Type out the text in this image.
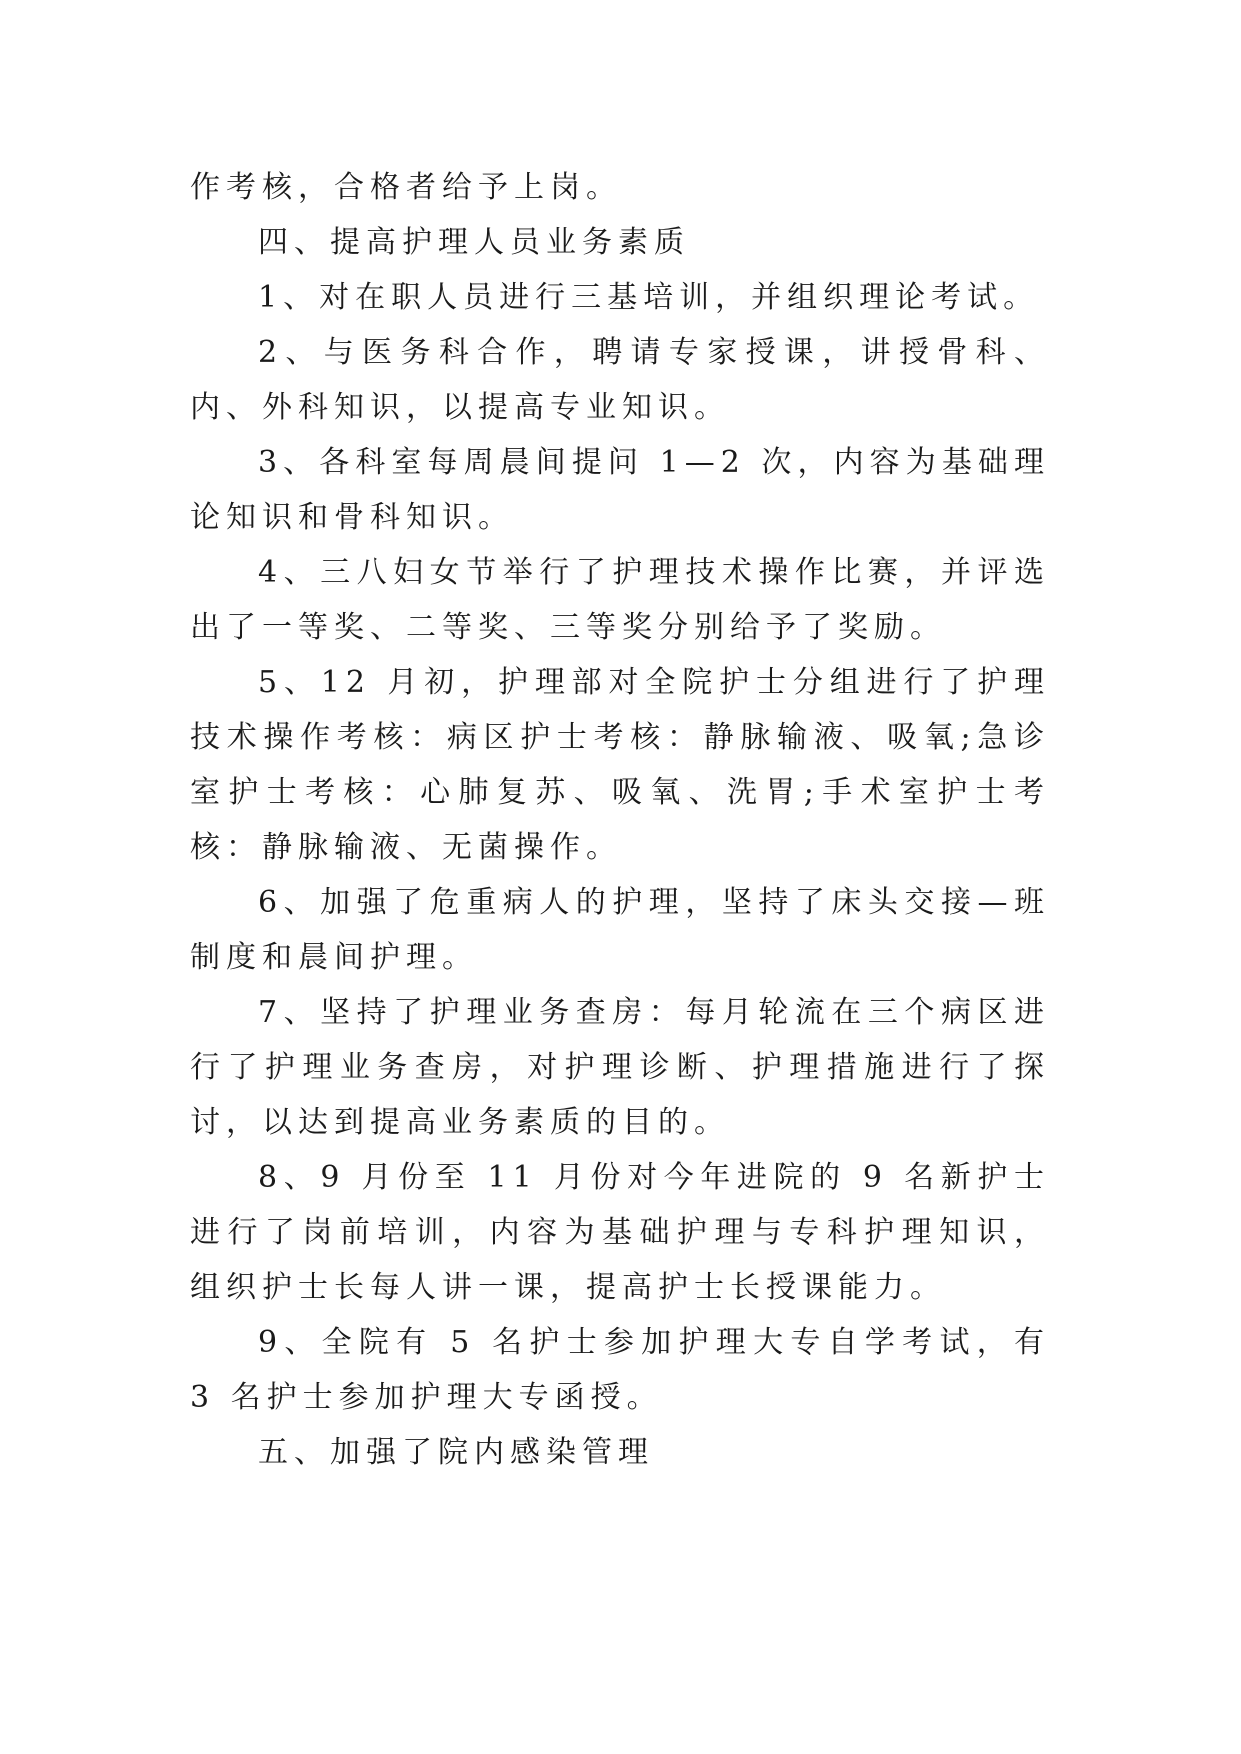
作考核，合格者给予上岗。

四、提高护理人员业务素质

1、对在职人员进行三基培训，并组织理论考试。

2、与医务科合作，聘请专家授课，讲授骨科、内、外科知识，以提高专业知识。

3、各科室每周晨间提问 1—2 次，内容为基础理论知识和骨科知识。

4、三八妇女节举行了护理技术操作比赛，并评选出了一等奖、二等奖、三等奖分别给予了奖励。

5、12 月初，护理部对全院护士分组进行了护理技术操作考核：病区护士考核：静脉输液、吸氧;急诊室护士考核：心肺复苏、吸氧、洗胃;手术室护士考核：静脉输液、无菌操作。

6、加强了危重病人的护理，坚持了床头交接—班制度和晨间护理。

7、坚持了护理业务查房：每月轮流在三个病区进行了护理业务查房，对护理诊断、护理措施进行了探讨，以达到提高业务素质的目的。

8、9 月份至 11 月份对今年进院的 9 名新护士进行了岗前培训，内容为基础护理与专科护理知识，组织护士长每人讲一课，提高护士长授课能力。

9、全院有 5 名护士参加护理大专自学考试，有 3 名护士参加护理大专函授。

五、加强了院内感染管理
